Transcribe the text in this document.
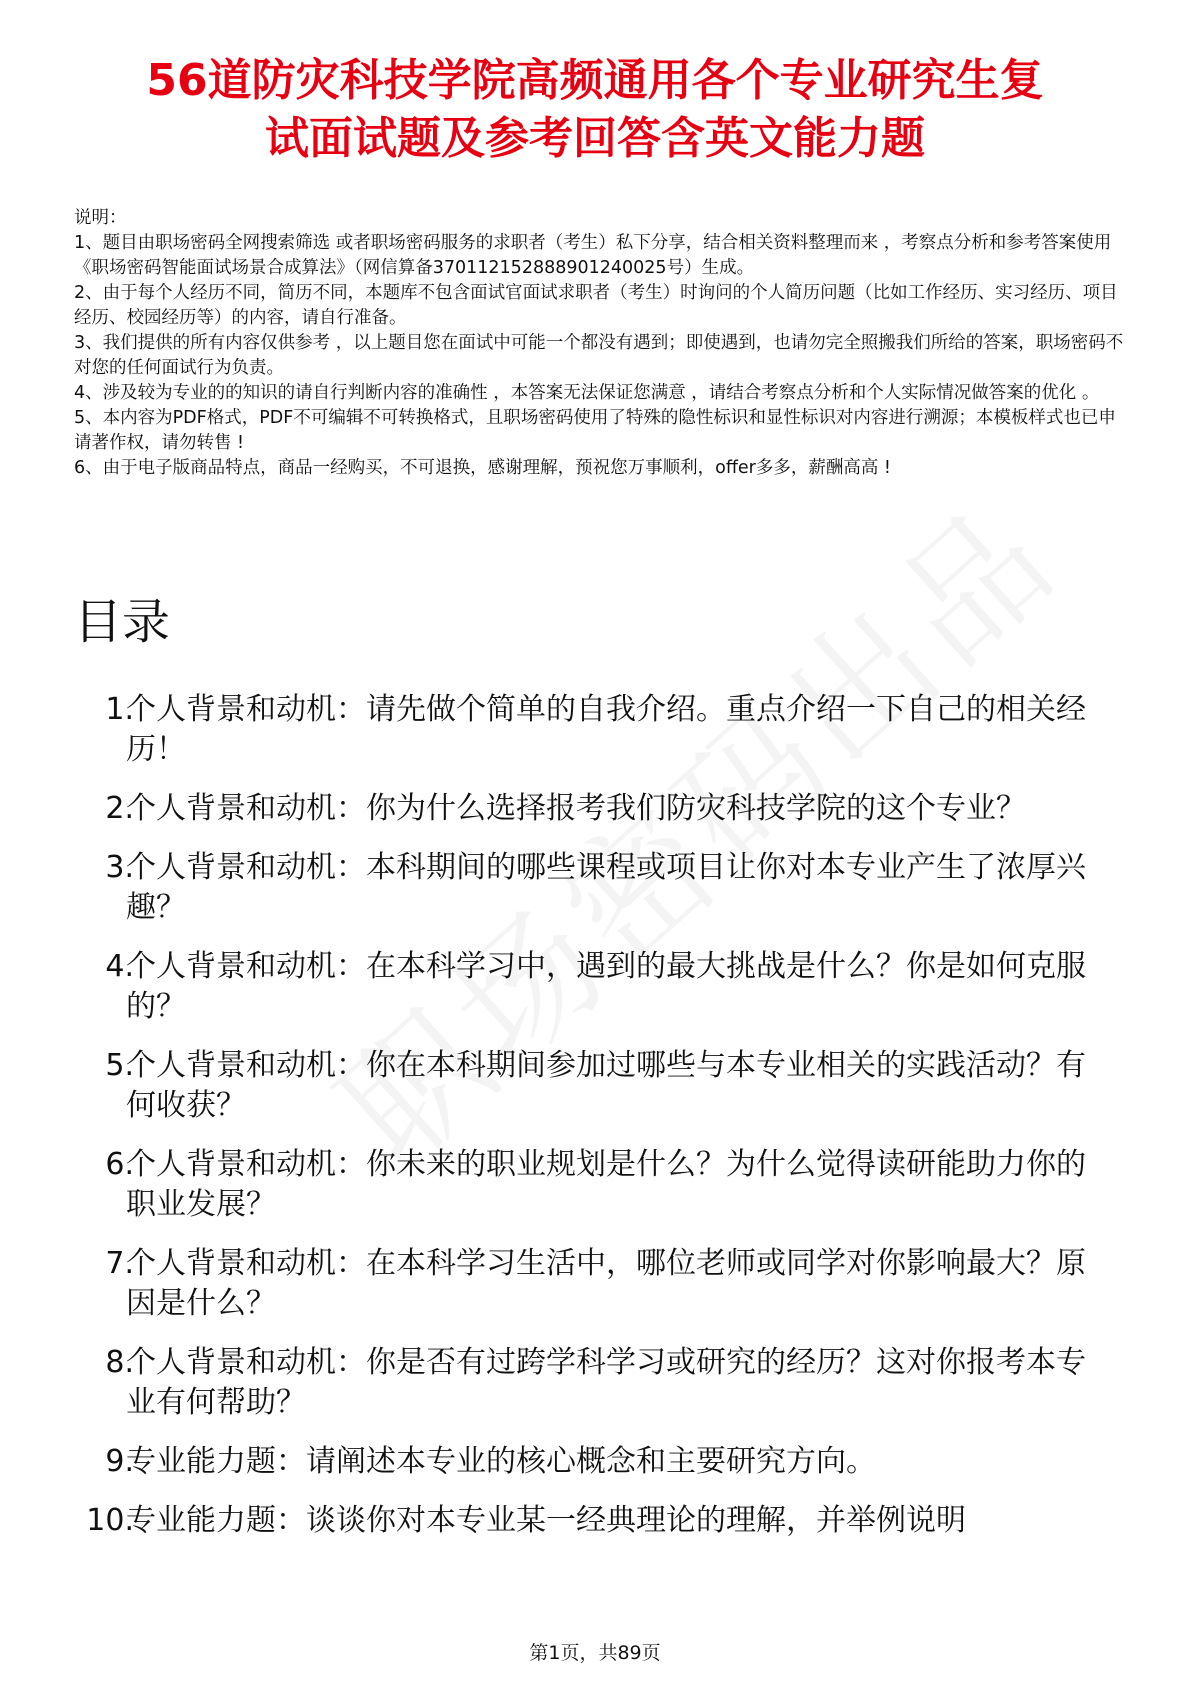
56道防灾科技学院高频通用各个专业研究生复
试面试题及参考回答含英文能力题
说明：
1、题目由职场密码全网搜索筛选 或者职场密码服务的求职者（考生）私下分享，结合相关资料整理而来 ，考察点分析和参考答案使用《职场密码智能面试场景合成算法》（网信算备370112152888901240025号）生成。
2、由于每个人经历不同，简历不同，本题库不包含面试官面试求职者（考生）时询问的个人简历问题（比如工作经历、实习经历、项目经历、校园经历等）的内容，请自行准备。
3、我们提供的所有内容仅供参考 ，以上题目您在面试中可能一个都没有遇到；即使遇到，也请勿完全照搬我们所给的答案，职场密码不对您的任何面试行为负责。
4、涉及较为专业的的知识的请自行判断内容的准确性 ，本答案无法保证您满意 ，请结合考察点分析和个人实际情况做答案的优化 。
5、本内容为PDF格式，PDF不可编辑不可转换格式，且职场密码使用了特殊的隐性标识和显性标识对内容进行溯源；本模板样式也已申请著作权，请勿转售 !
6、由于电子版商品特点，商品一经购买，不可退换，感谢理解，预祝您万事顺利，offer多多，薪酬高高 !
目录
1.
个人背景和动机：请先做个简单的自我介绍。重点介绍一下自己的相关经历！
2.
个人背景和动机：你为什么选择报考我们防灾科技学院的这个专业？
3.
个人背景和动机：本科期间的哪些课程或项目让你对本专业产生了浓厚兴趣？
4.
个人背景和动机：在本科学习中，遇到的最大挑战是什么？你是如何克服的？
5.
个人背景和动机：你在本科期间参加过哪些与本专业相关的实践活动？有何收获？
6.
个人背景和动机：你未来的职业规划是什么？为什么觉得读研能助力你的职业发展？
7.
个人背景和动机：在本科学习生活中，哪位老师或同学对你影响最大？原因是什么？
8.
个人背景和动机：你是否有过跨学科学习或研究的经历？这对你报考本专业有何帮助？
9.
专业能力题：请阐述本专业的核心概念和主要研究方向。
10.
专业能力题：谈谈你对本专业某一经典理论的理解，并举例说明
第1页，共89页
